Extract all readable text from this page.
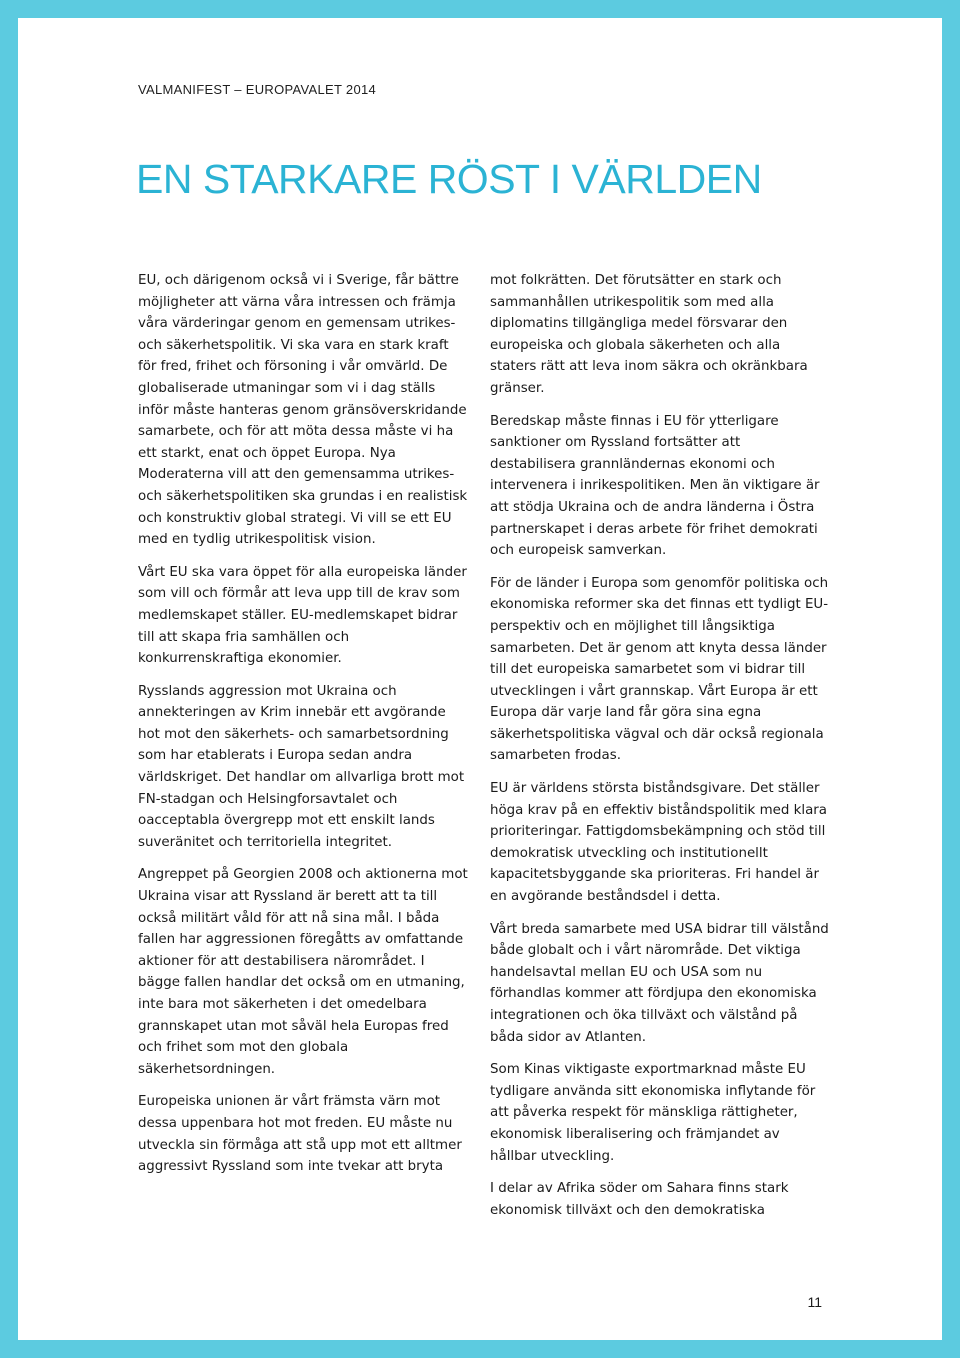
VALMANIFEST – EUROPAVALET 2014
EN STARKARE RÖST I VÄRLDEN

EU, och därigenom också vi i Sverige, får bättre möjligheter att värna våra intressen och främja våra värderingar genom en gemensam utrikes- och säkerhetspolitik. Vi ska vara en stark kraft för fred, frihet och försoning i vår omvärld. De globaliserade utmaningar som vi i dag ställs inför måste hanteras genom gränsöverskridande samarbete, och för att möta dessa måste vi ha ett starkt, enat och öppet Europa. Nya Moderaterna vill att den gemensamma utrikes- och säkerhetspolitiken ska grundas i en realistisk och konstruktiv global strategi. Vi vill se ett EU med en tydlig utrikespolitisk vision.

Vårt EU ska vara öppet för alla europeiska länder som vill och förmår att leva upp till de krav som medlemskapet ställer. EU-medlemskapet bidrar till att skapa fria samhällen och konkurrenskraftiga ekonomier.

Rysslands aggression mot Ukraina och annekteringen av Krim innebär ett avgörande hot mot den säkerhets- och samarbetsordning som har etablerats i Europa sedan andra världskriget. Det handlar om allvarliga brott mot FN-stadgan och Helsingforsavtalet och oacceptabla övergrepp mot ett enskilt lands suveränitet och territoriella integritet.

Angreppet på Georgien 2008 och aktionerna mot Ukraina visar att Ryssland är berett att ta till också militärt våld för att nå sina mål. I båda fallen har aggressionen föregåtts av omfattande aktioner för att destabilisera närområdet. I bägge fallen handlar det också om en utmaning, inte bara mot säkerheten i det omedelbara grannskapet utan mot såväl hela Europas fred och frihet som mot den globala säkerhetsordningen.

Europeiska unionen är vårt främsta värn mot dessa uppenbara hot mot freden. EU måste nu utveckla sin förmåga att stå upp mot ett alltmer aggressivt Ryssland som inte tvekar att bryta

mot folkrätten. Det förutsätter en stark och sammanhållen utrikespolitik som med alla diplomatins tillgängliga medel försvarar den europeiska och globala säkerheten och alla staters rätt att leva inom säkra och okränkbara gränser.

Beredskap måste finnas i EU för ytterligare sanktioner om Ryssland fortsätter att destabilisera grannländernas ekonomi och intervenera i inrikespolitiken. Men än viktigare är att stödja Ukraina och de andra länderna i Östra partnerskapet i deras arbete för frihet demokrati och europeisk samverkan.

För de länder i Europa som genomför politiska och ekonomiska reformer ska det finnas ett tydligt EU-perspektiv och en möjlighet till långsiktiga samarbeten. Det är genom att knyta dessa länder till det europeiska samarbetet som vi bidrar till utvecklingen i vårt grannskap. Vårt Europa är ett Europa där varje land får göra sina egna säkerhetspolitiska vägval och där också regionala samarbeten frodas.

EU är världens största biståndsgivare. Det ställer höga krav på en effektiv biståndspolitik med klara prioriteringar. Fattigdomsbekämpning och stöd till demokratisk utveckling och institutionellt kapacitetsbyggande ska prioriteras. Fri handel är en avgörande beståndsdel i detta.

Vårt breda samarbete med USA bidrar till välstånd både globalt och i vårt närområde. Det viktiga handelsavtal mellan EU och USA som nu förhandlas kommer att fördjupa den ekonomiska integrationen och öka tillväxt och välstånd på båda sidor av Atlanten.

Som Kinas viktigaste exportmarknad måste EU tydligare använda sitt ekonomiska inflytande för att påverka respekt för mänskliga rättigheter, ekonomisk liberalisering och främjandet av hållbar utveckling.

I delar av Afrika söder om Sahara finns stark ekonomisk tillväxt och den demokratiska

11
